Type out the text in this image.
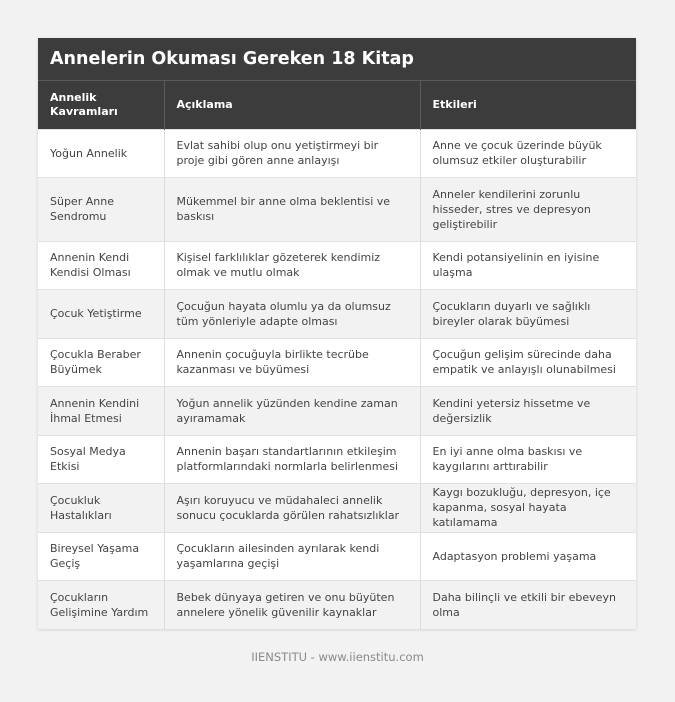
Annelerin Okuması Gereken 18 Kitap
Annelik Kavramları	Açıklama	Etkileri
Yoğun Annelik	Evlat sahibi olup onu yetiştirmeyi bir proje gibi gören anne anlayışı	Anne ve çocuk üzerinde büyük olumsuz etkiler oluşturabilir
Süper Anne Sendromu	Mükemmel bir anne olma beklentisi ve baskısı	Anneler kendilerini zorunlu hisseder, stres ve depresyon geliştirebilir
Annenin Kendi Kendisi Olması	Kişisel farklılıklar gözeterek kendimiz olmak ve mutlu olmak	Kendi potansiyelinin en iyisine ulaşma
Çocuk Yetiştirme	Çocuğun hayata olumlu ya da olumsuz tüm yönleriyle adapte olması	Çocukların duyarlı ve sağlıklı bireyler olarak büyümesi
Çocukla Beraber Büyümek	Annenin çocuğuyla birlikte tecrübe kazanması ve büyümesi	Çocuğun gelişim sürecinde daha empatik ve anlayışlı olunabilmesi
Annenin Kendini İhmal Etmesi	Yoğun annelik yüzünden kendine zaman ayıramamak	Kendini yetersiz hissetme ve değersizlik
Sosyal Medya Etkisi	Annenin başarı standartlarının etkileşim platformlarındaki normlarla belirlenmesi	En iyi anne olma baskısı ve kaygılarını arttırabilir
Çocukluk Hastalıkları	Aşırı koruyucu ve müdahaleci annelik sonucu çocuklarda görülen rahatsızlıklar	Kaygı bozukluğu, depresyon, içe kapanma, sosyal hayata katılamama
Bireysel Yaşama Geçiş	Çocukların ailesinden ayrılarak kendi yaşamlarına geçişi	Adaptasyon problemi yaşama
Çocukların Gelişimine Yardım	Bebek dünyaya getiren ve onu büyüten annelere yönelik güvenilir kaynaklar	Daha bilinçli ve etkili bir ebeveyn olma
IIENSTITU - www.iienstitu.com
